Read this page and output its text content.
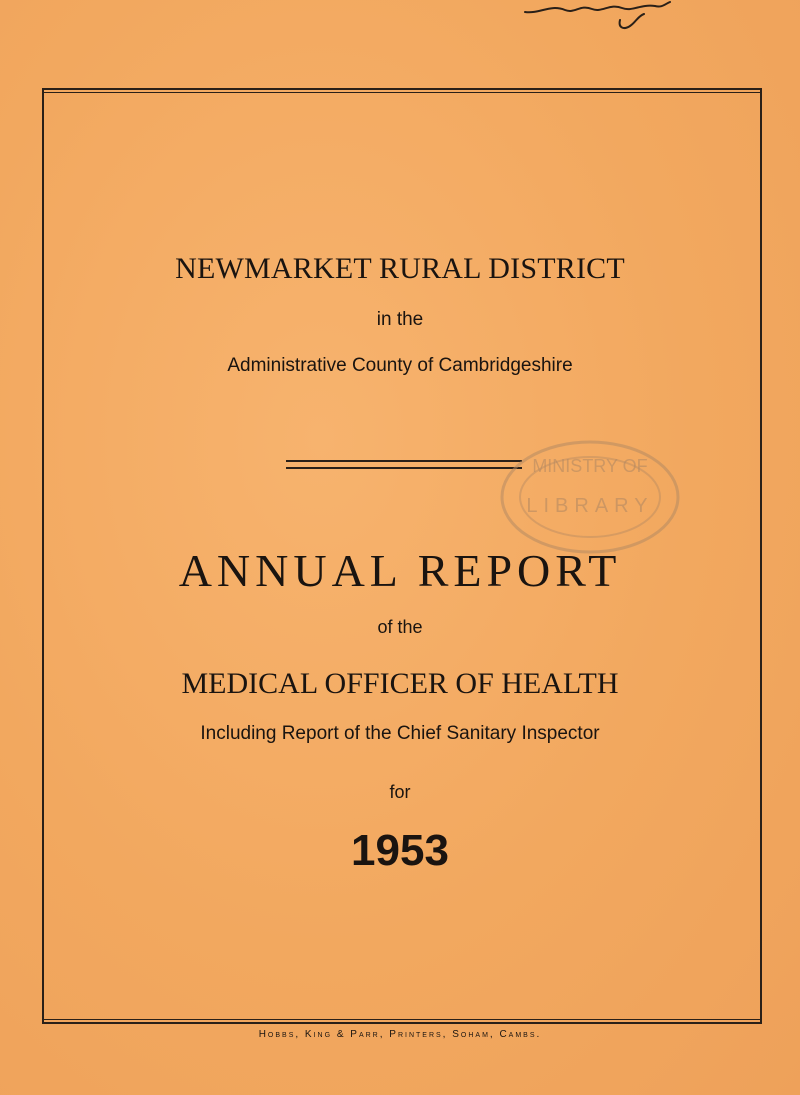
NEWMARKET RURAL DISTRICT
in the
Administrative County of Cambridgeshire
MINISTRY OF
LIBRARY
ANNUAL REPORT
of the
MEDICAL OFFICER OF HEALTH
Including Report of the Chief Sanitary Inspector
for
1953
Hobbs, King & Parr, Printers, Soham, Cambs.
